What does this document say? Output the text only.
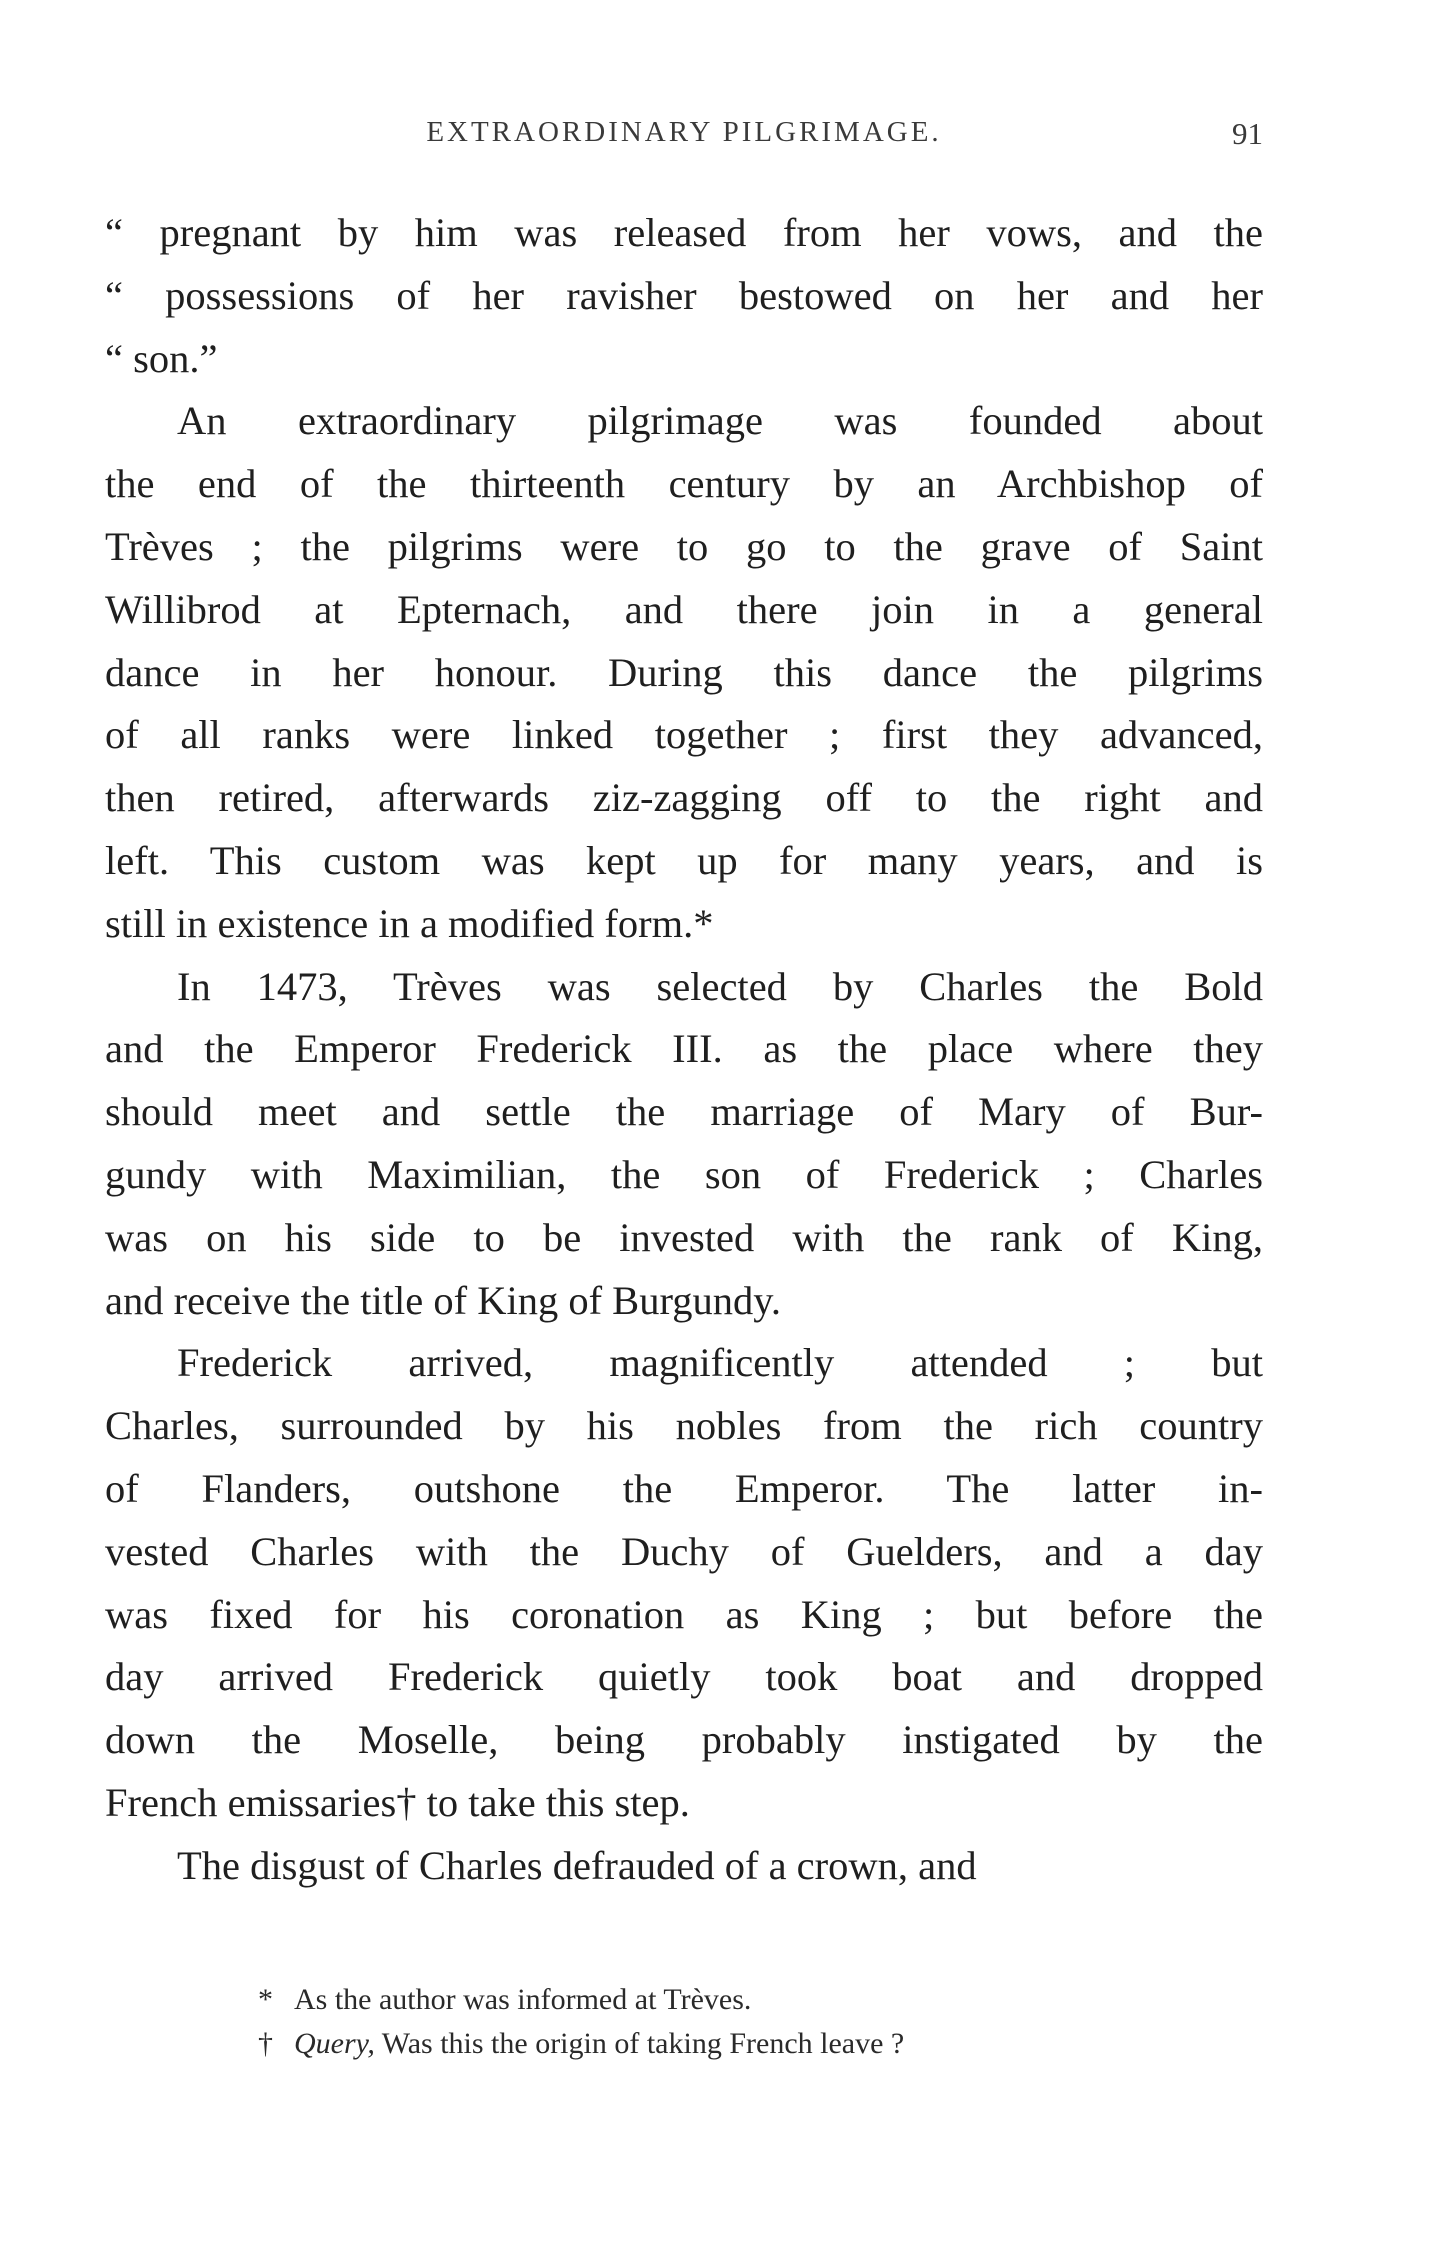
EXTRAORDINARY PILGRIMAGE.	91
“ pregnant by him was released from her vows, and the
“ possessions of her ravisher bestowed on her and her
“ son.”
An extraordinary pilgrimage was founded about
the end of the thirteenth century by an Archbishop of
Trèves ; the pilgrims were to go to the grave of Saint
Willibrod at Epternach, and there join in a general
dance in her honour. During this dance the pilgrims
of all ranks were linked together ; first they advanced,
then retired, afterwards ziz-zagging off to the right and
left. This custom was kept up for many years, and is
still in existence in a modified form.*
In 1473, Trèves was selected by Charles the Bold
and the Emperor Frederick III. as the place where they
should meet and settle the marriage of Mary of Bur-
gundy with Maximilian, the son of Frederick ; Charles
was on his side to be invested with the rank of King,
and receive the title of King of Burgundy.
Frederick arrived, magnificently attended ; but
Charles, surrounded by his nobles from the rich country
of Flanders, outshone the Emperor. The latter in-
vested Charles with the Duchy of Guelders, and a day
was fixed for his coronation as King ; but before the
day arrived Frederick quietly took boat and dropped
down the Moselle, being probably instigated by the
French emissaries† to take this step.
The disgust of Charles defrauded of a crown, and
* As the author was informed at Trèves.
† Query, Was this the origin of taking French leave ?
